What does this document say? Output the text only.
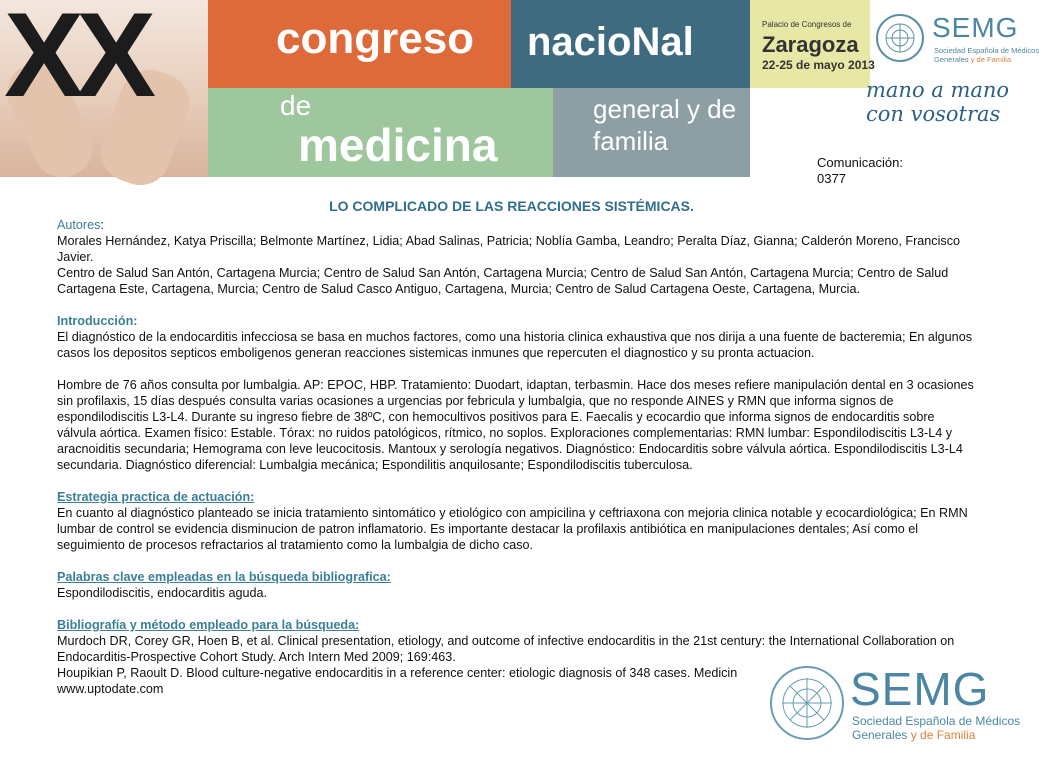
XX	congreso nacioNal
de
medicina
general y de
familia
Palacio de Congresos de
Zaragoza
22-25 de mayo 2013
SEMG
Sociedad Española de Médicos
Generales y de Familia
mano a mano con vosotras
Comunicación:
0377
LO COMPLICADO DE LAS REACCIONES SISTÉMICAS.

Autores:

Morales Hernández, Katya Priscilla; Belmonte Martínez, Lidia; Abad Salinas, Patricia; Noblía Gamba, Leandro; Peralta Díaz, Gianna; Calderón Moreno, Francisco Javier.

Centro de Salud San Antón, Cartagena Murcia; Centro de Salud San Antón, Cartagena Murcia; Centro de Salud San Antón, Cartagena Murcia; Centro de Salud Cartagena Este, Cartagena, Murcia; Centro de Salud Casco Antiguo, Cartagena, Murcia; Centro de Salud Cartagena Oeste, Cartagena, Murcia.

Introducción:

El diagnóstico de la endocarditis infecciosa se basa en muchos factores, como una historia clinica exhaustiva que nos dirija a una fuente de bacteremia; En algunos casos los depositos septicos emboligenos generan reacciones sistemicas inmunes que repercuten el diagnostico y su pronta actuacion.

Hombre de 76 años consulta por lumbalgia. AP: EPOC, HBP. Tratamiento: Duodart, idaptan, terbasmin. Hace dos meses refiere manipulación dental en 3 ocasiones sin profilaxis, 15 días después consulta varias ocasiones a urgencias por febricula y lumbalgia, que no responde AINES y RMN que informa signos de espondilodiscitis L3-L4. Durante su ingreso fiebre de 38ºC, con hemocultivos positivos para E. Faecalis y ecocardio que informa signos de endocarditis sobre válvula aórtica. Examen físico: Estable. Tórax: no ruidos patológicos, rítmico, no soplos. Exploraciones complementarias: RMN lumbar: Espondilodiscitis L3-L4 y aracnoiditis secundaria; Hemograma con leve leucocitosis. Mantoux y serología negativos. Diagnóstico: Endocarditis sobre válvula aórtica. Espondilodiscitis L3-L4 secundaria. Diagnóstico diferencial: Lumbalgia mecánica; Espondilitis anquilosante; Espondilodiscitis tuberculosa.

Estrategia practica de actuación:

En cuanto al diagnóstico planteado se inicia tratamiento sintomático y etiológico con ampicilina y ceftriaxona con mejoria clinica notable y ecocardiológica; En RMN lumbar de control se evidencia disminucion de patron inflamatorio. Es importante destacar la profilaxis antibiótica en manipulaciones dentales; Así como el seguimiento de procesos refractarios al tratamiento como la lumbalgia de dicho caso.

Palabras clave empleadas en la búsqueda bibliografica:

Espondilodiscitis, endocarditis aguda.

Bibliografía y método empleado para la búsqueda:

Murdoch DR, Corey GR, Hoen B, et al. Clinical presentation, etiology, and outcome of infective endocarditis in the 21st century: the International Collaboration on Endocarditis-Prospective Cohort Study. Arch Intern Med 2009; 169:463.

Houpikian P, Raoult D. Blood culture-negative endocarditis in a reference center: etiologic diagnosis of 348 cases. Medicin

www.uptodate.com	SEMG
Sociedad Española de Médicos
Generales y de Familia
